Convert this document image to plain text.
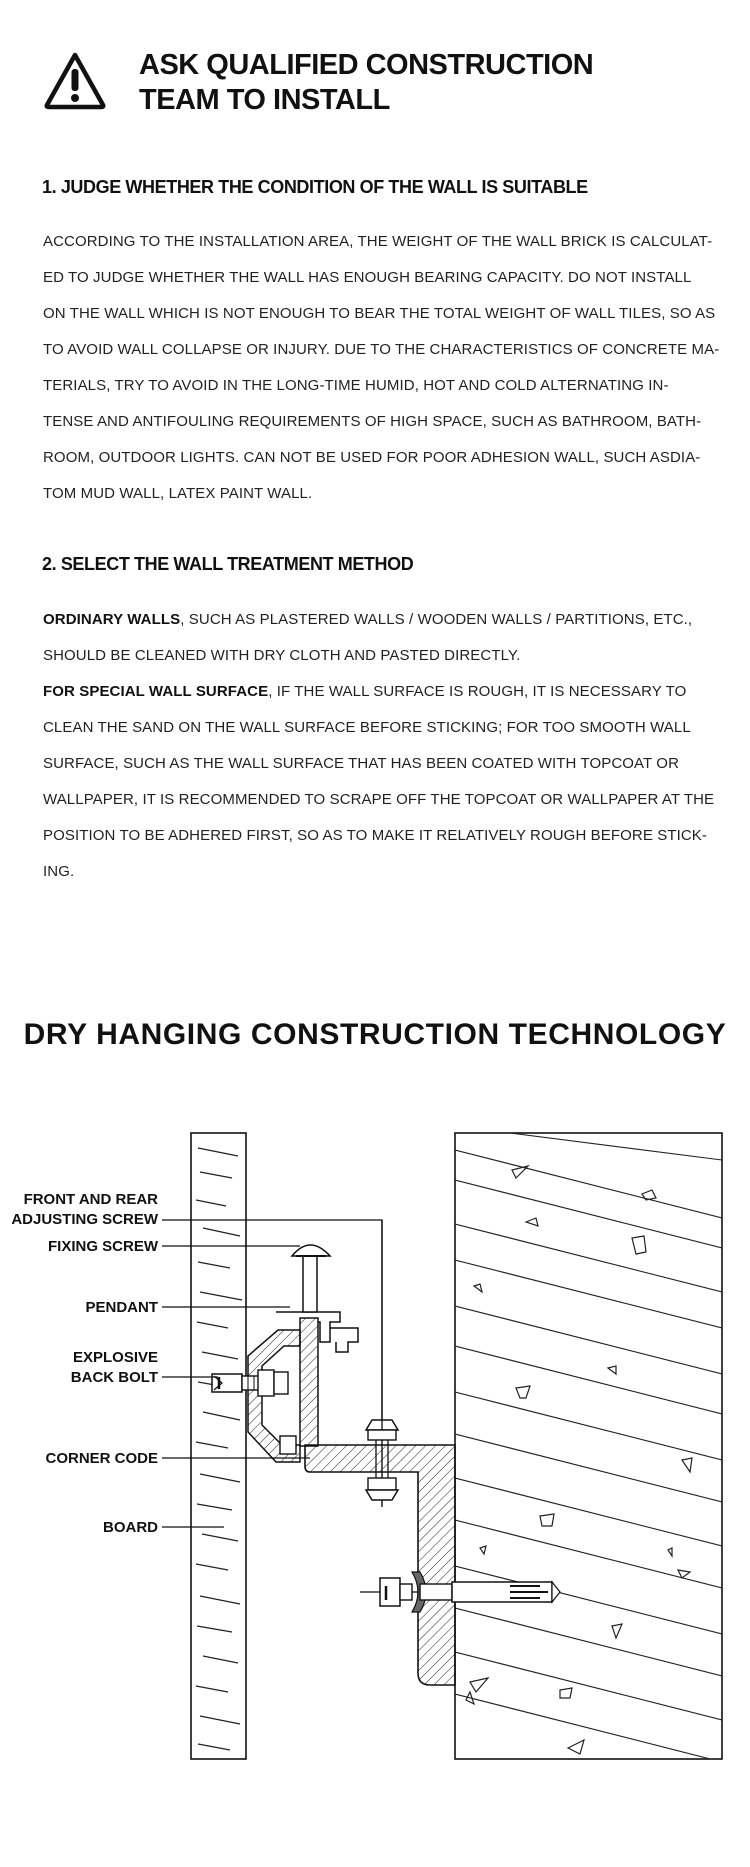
ASK QUALIFIED CONSTRUCTION
TEAM TO INSTALL
1. JUDGE WHETHER THE CONDITION OF THE WALL IS SUITABLE
ACCORDING TO THE INSTALLATION AREA, THE WEIGHT OF THE WALL BRICK IS CALCULAT-
ED TO JUDGE WHETHER THE WALL HAS ENOUGH BEARING CAPACITY. DO NOT INSTALL
ON THE WALL WHICH IS NOT ENOUGH TO BEAR THE TOTAL WEIGHT OF WALL TILES, SO AS
TO AVOID WALL COLLAPSE OR INJURY. DUE TO THE CHARACTERISTICS OF CONCRETE MA-
TERIALS, TRY TO AVOID IN THE LONG-TIME HUMID, HOT AND COLD ALTERNATING IN-
TENSE AND ANTIFOULING REQUIREMENTS OF HIGH SPACE, SUCH AS BATHROOM, BATH-
ROOM, OUTDOOR LIGHTS. CAN NOT BE USED FOR POOR ADHESION WALL, SUCH ASDIA-
TOM MUD WALL, LATEX PAINT WALL.
2. SELECT THE WALL TREATMENT METHOD
ORDINARY WALLS, SUCH AS PLASTERED WALLS / WOODEN WALLS / PARTITIONS, ETC.,
SHOULD BE CLEANED WITH DRY CLOTH AND PASTED DIRECTLY.
FOR SPECIAL WALL SURFACE, IF THE WALL SURFACE IS ROUGH, IT IS NECESSARY TO
CLEAN THE SAND ON THE WALL SURFACE BEFORE STICKING; FOR TOO SMOOTH WALL
SURFACE, SUCH AS THE WALL SURFACE THAT HAS BEEN COATED WITH TOPCOAT OR
WALLPAPER, IT IS RECOMMENDED TO SCRAPE OFF THE TOPCOAT OR WALLPAPER AT THE
POSITION TO BE ADHERED FIRST, SO AS TO MAKE IT RELATIVELY ROUGH BEFORE STICK-
ING.
DRY HANGING CONSTRUCTION TECHNOLOGY
FRONT AND REAR
ADJUSTING SCREW
FIXING SCREW
PENDANT
EXPLOSIVE
BACK BOLT
CORNER CODE
BOARD
